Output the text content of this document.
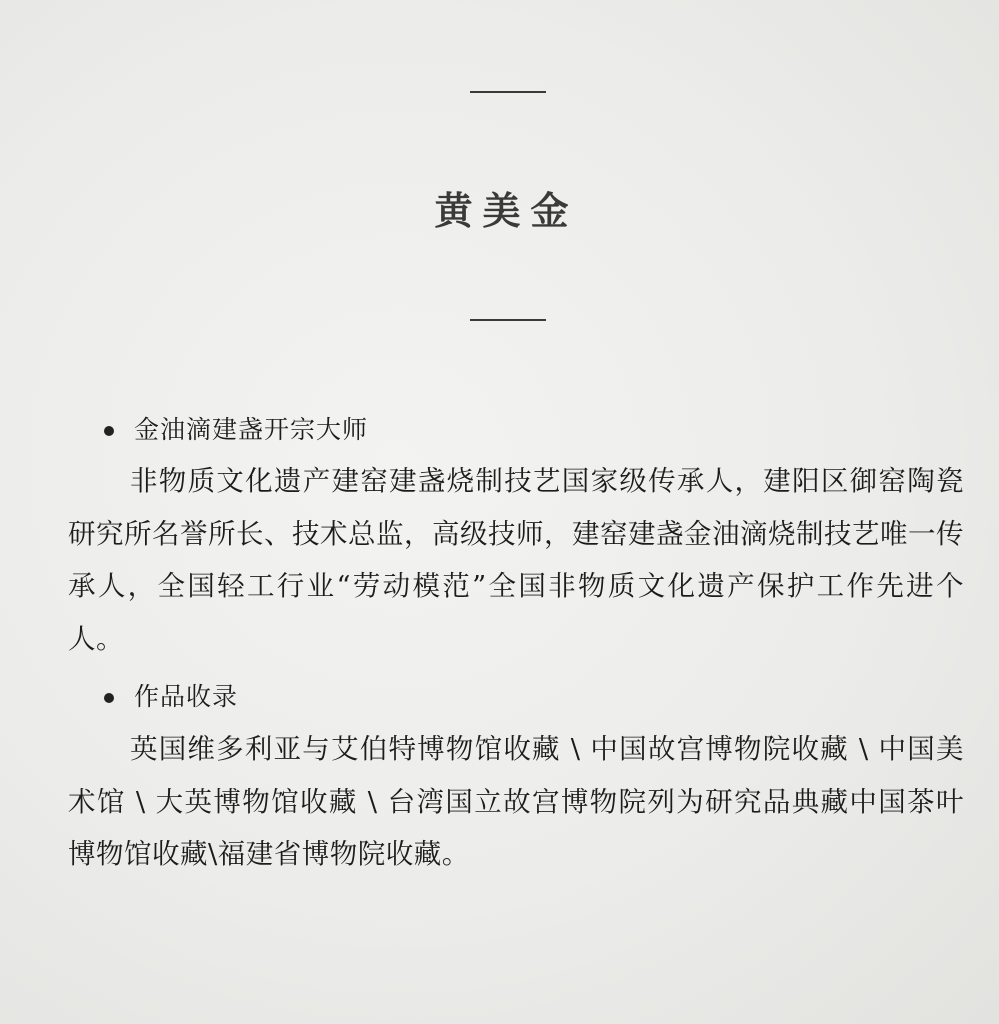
黄美金
金油滴建盏开宗大师
非物质文化遗产建窑建盏烧制技艺国家级传承人，建阳区御窑陶瓷研究所名誉所长、技术总监，高级技师，建窑建盏金油滴烧制技艺唯一传承人，全国轻工行业“劳动模范”全国非物质文化遗产保护工作先进个人。
作品收录
英国维多利亚与艾伯特博物馆收藏 \ 中国故宫博物院收藏 \ 中国美术馆 \ 大英博物馆收藏 \ 台湾国立故宫博物院列为研究品典藏中国茶叶博物馆收藏\福建省博物院收藏。
